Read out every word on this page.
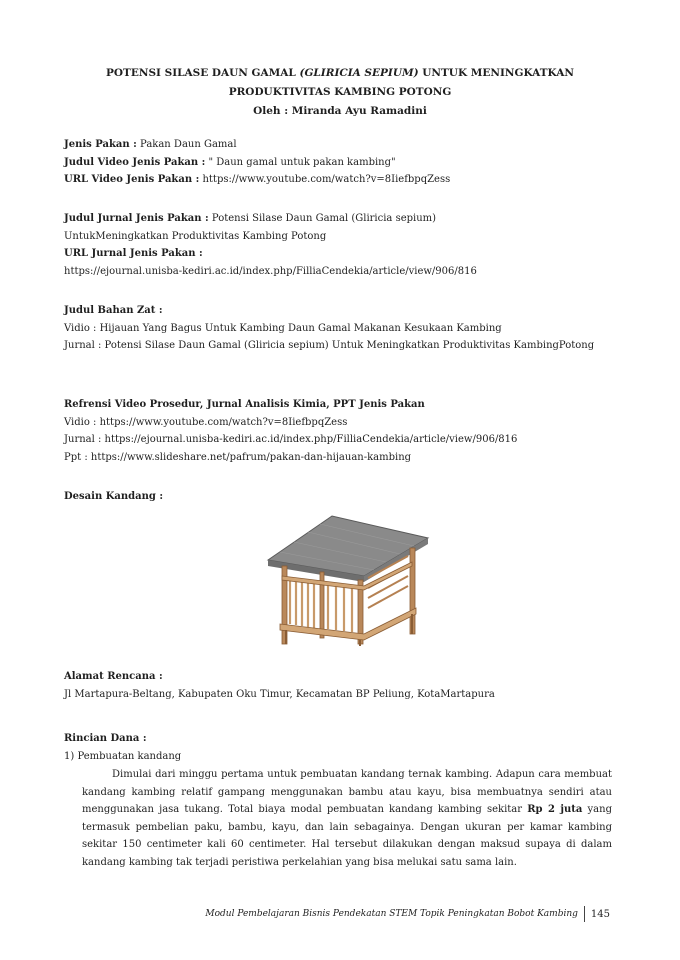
POTENSI SILASE DAUN GAMAL (GLIRICIA SEPIUM) UNTUK MENINGKATKAN
PRODUKTIVITAS KAMBING POTONG
Oleh : Miranda Ayu Ramadini
Jenis Pakan : Pakan Daun Gamal
Judul Video Jenis Pakan : " Daun gamal untuk pakan kambing"
URL Video Jenis Pakan : https://www.youtube.com/watch?v=8IiefbpqZess
Judul Jurnal Jenis Pakan : Potensi Silase Daun Gamal (Gliricia sepium)
UntukMeningkatkan Produktivitas Kambing Potong
URL Jurnal Jenis Pakan :
https://ejournal.unisba-kediri.ac.id/index.php/FilliaCendekia/article/view/906/816
Judul Bahan Zat :
Vidio : Hijauan Yang Bagus Untuk Kambing Daun Gamal Makanan Kesukaan Kambing
Jurnal : Potensi Silase Daun Gamal (Gliricia sepium) Untuk Meningkatkan Produktivitas KambingPotong
Refrensi Video Prosedur, Jurnal Analisis Kimia, PPT Jenis Pakan
Vidio : https://www.youtube.com/watch?v=8IiefbpqZess
Jurnal : https://ejournal.unisba-kediri.ac.id/index.php/FilliaCendekia/article/view/906/816
Ppt : https://www.slideshare.net/pafrum/pakan-dan-hijauan-kambing
Desain Kandang :
Alamat Rencana :
Jl Martapura-Beltang, Kabupaten Oku Timur, Kecamatan BP Peliung, KotaMartapura
Rincian Dana :
1) Pembuatan kandang
Dimulai dari minggu pertama untuk pembuatan kandang ternak kambing. Adapun cara membuat kandang kambing relatif gampang menggunakan bambu atau kayu, bisa membuatnya sendiri atau menggunakan jasa tukang. Total biaya modal pembuatan kandang kambing sekitar Rp 2 juta yang termasuk pembelian paku, bambu, kayu, dan lain sebagainya. Dengan ukuran per kamar kambing sekitar 150 centimeter kali 60 centimeter. Hal tersebut dilakukan dengan maksud supaya di dalam kandang kambing tak terjadi peristiwa perkelahian yang bisa melukai satu sama lain.
Modul Pembelajaran Bisnis Pendekatan STEM Topik Peningkatan Bobot Kambing 145
